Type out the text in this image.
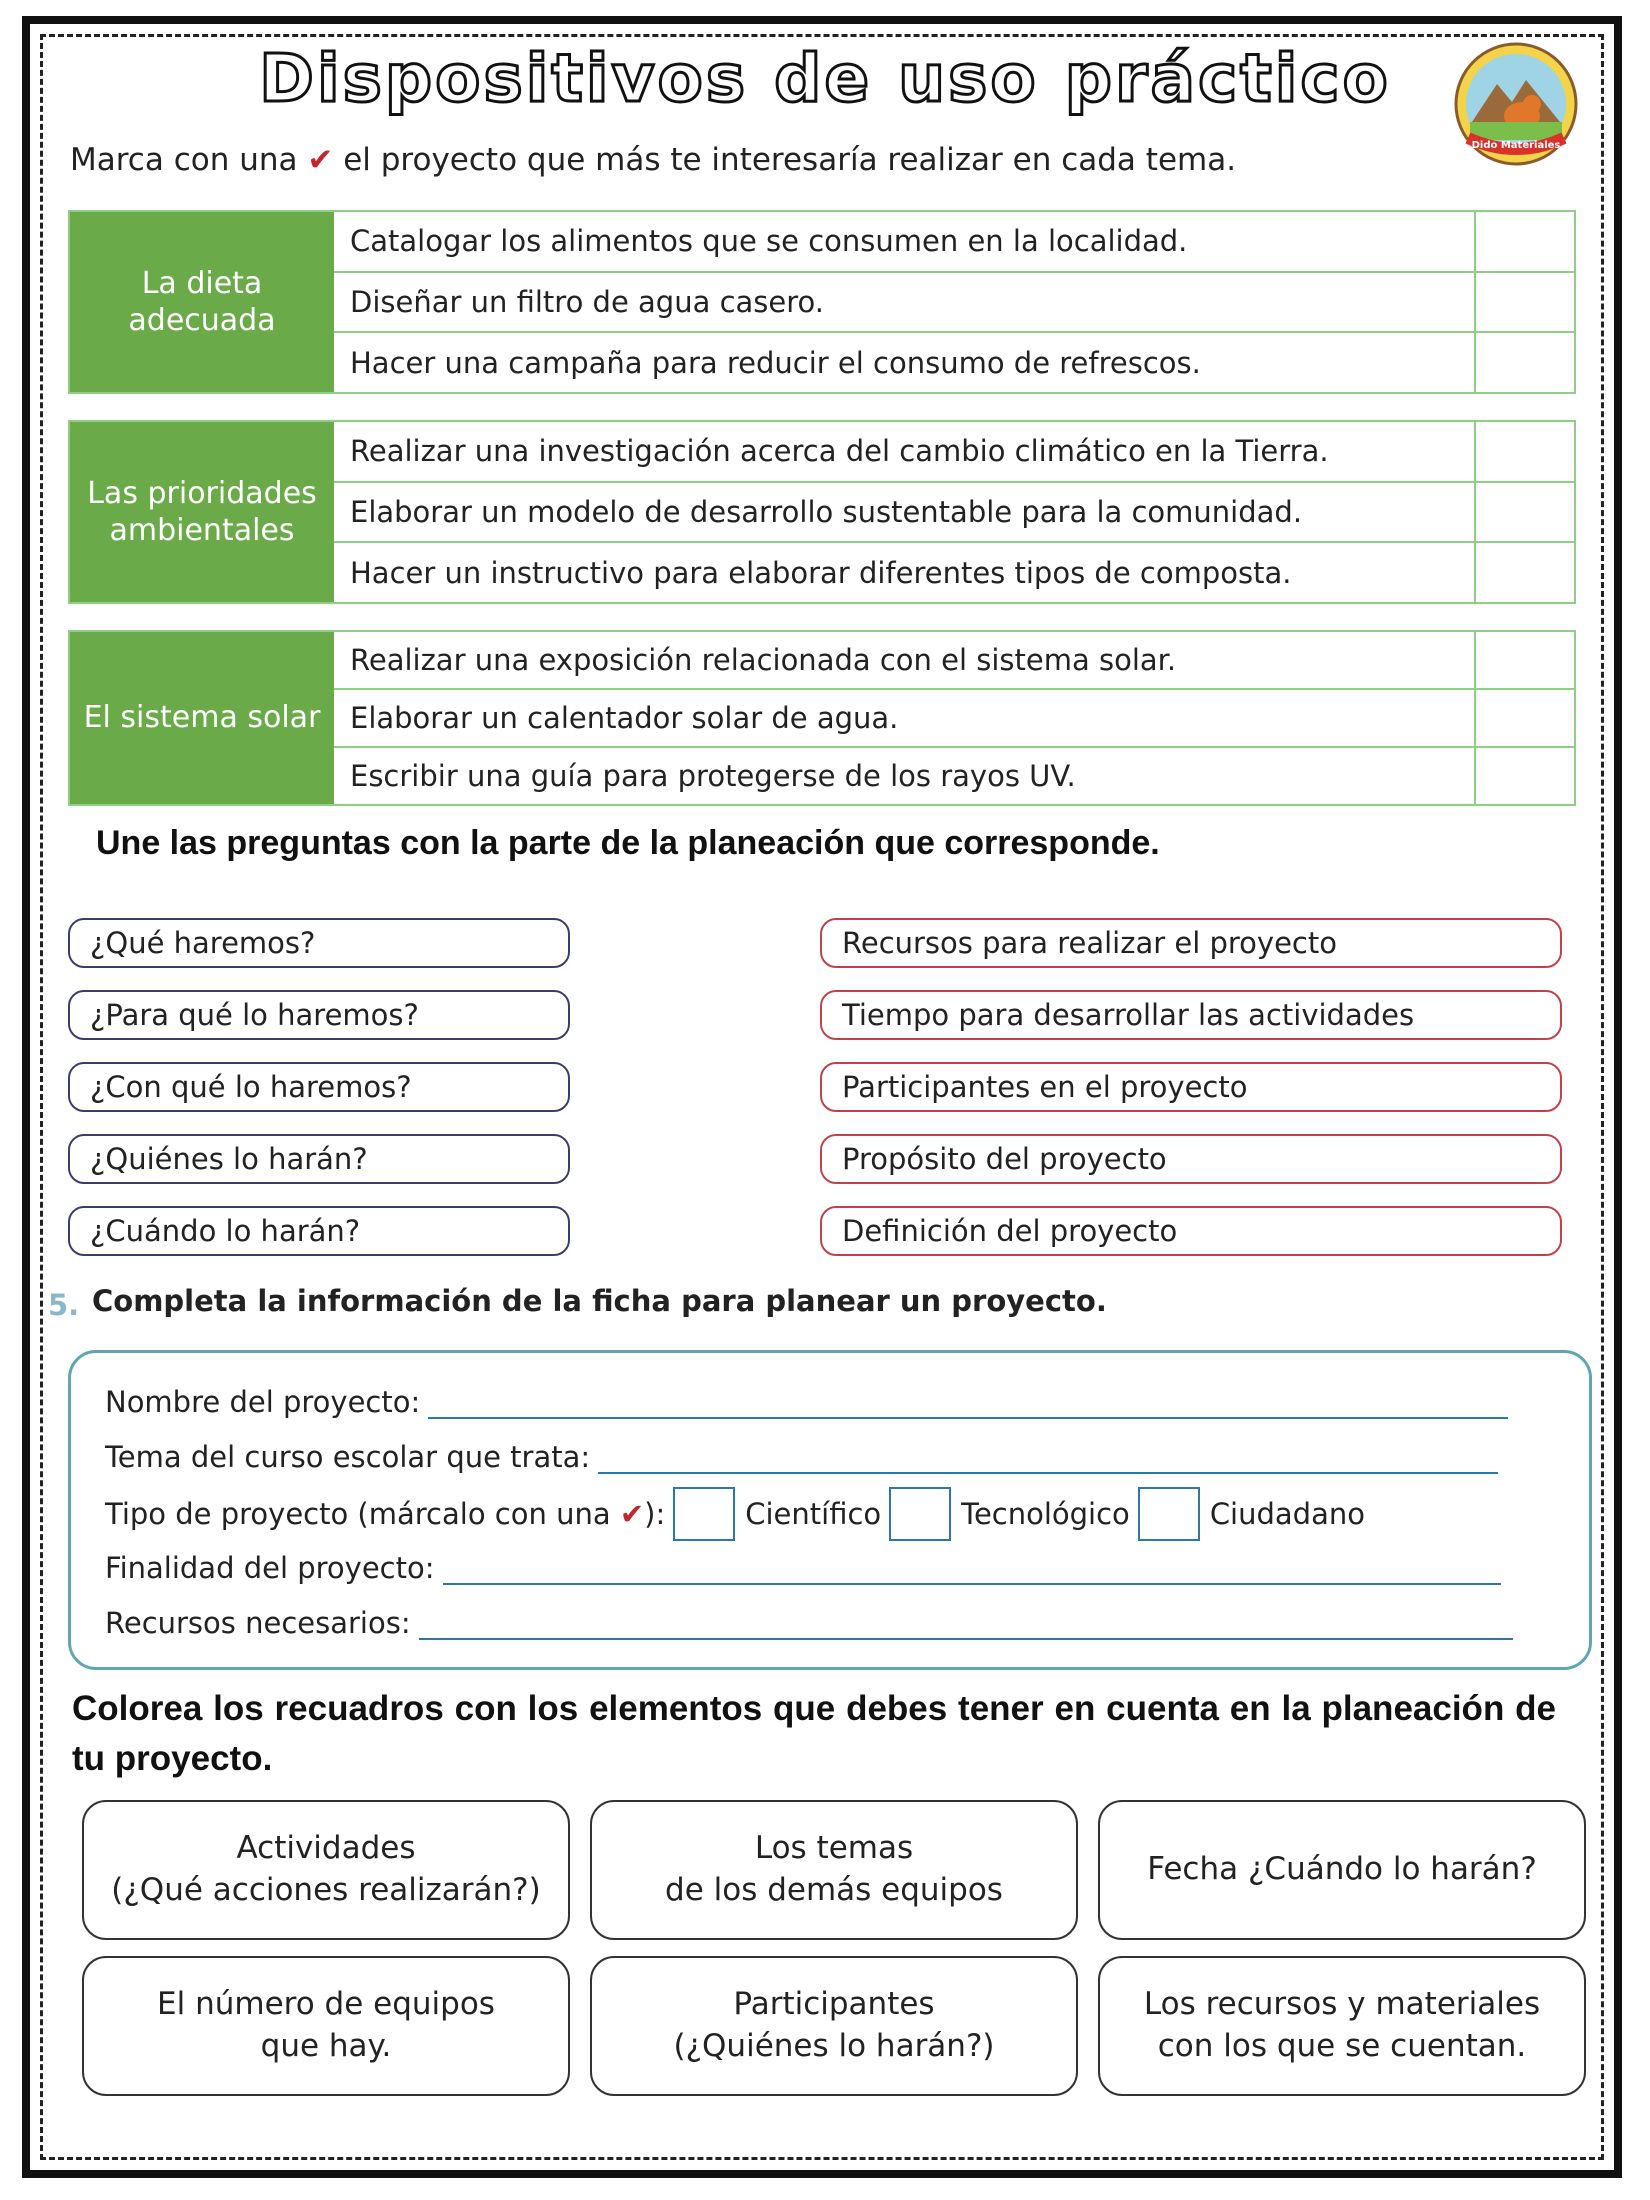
Dispositivos de uso práctico
Dido Materiales
Marca con una ✔ el proyecto que más te interesaría realizar en cada tema.
La dieta adecuada
Catalogar los alimentos que se consumen en la localidad.
Diseñar un filtro de agua casero.
Hacer una campaña para reducir el consumo de refrescos.
Las prioridades ambientales
Realizar una investigación acerca del cambio climático en la Tierra.
Elaborar un modelo de desarrollo sustentable para la comunidad.
Hacer un instructivo para elaborar diferentes tipos de composta.
El sistema solar
Realizar una exposición relacionada con el sistema solar.
Elaborar un calentador solar de agua.
Escribir una guía para protegerse de los rayos UV.
Une las preguntas con la parte de la planeación que corresponde.
¿Qué haremos?
¿Para qué lo haremos?
¿Con qué lo haremos?
¿Quiénes lo harán?
¿Cuándo lo harán?
Recursos para realizar el proyecto
Tiempo para desarrollar las actividades
Participantes en el proyecto
Propósito del proyecto
Definición del proyecto
5. Completa la información de la ficha para planear un proyecto.
Nombre del proyecto:
Tema del curso escolar que trata:
Tipo de proyecto (márcalo con una ✔):	Científico	Tecnológico	Ciudadano
Finalidad del proyecto:
Recursos necesarios:
Colorea los recuadros con los elementos que debes tener en cuenta en la planeación de tu proyecto.
Actividades
(¿Qué acciones realizarán?)
Los temas
de los demás equipos
Fecha ¿Cuándo lo harán?
El número de equipos
que hay.
Participantes
(¿Quiénes lo harán?)
Los recursos y materiales
con los que se cuentan.
